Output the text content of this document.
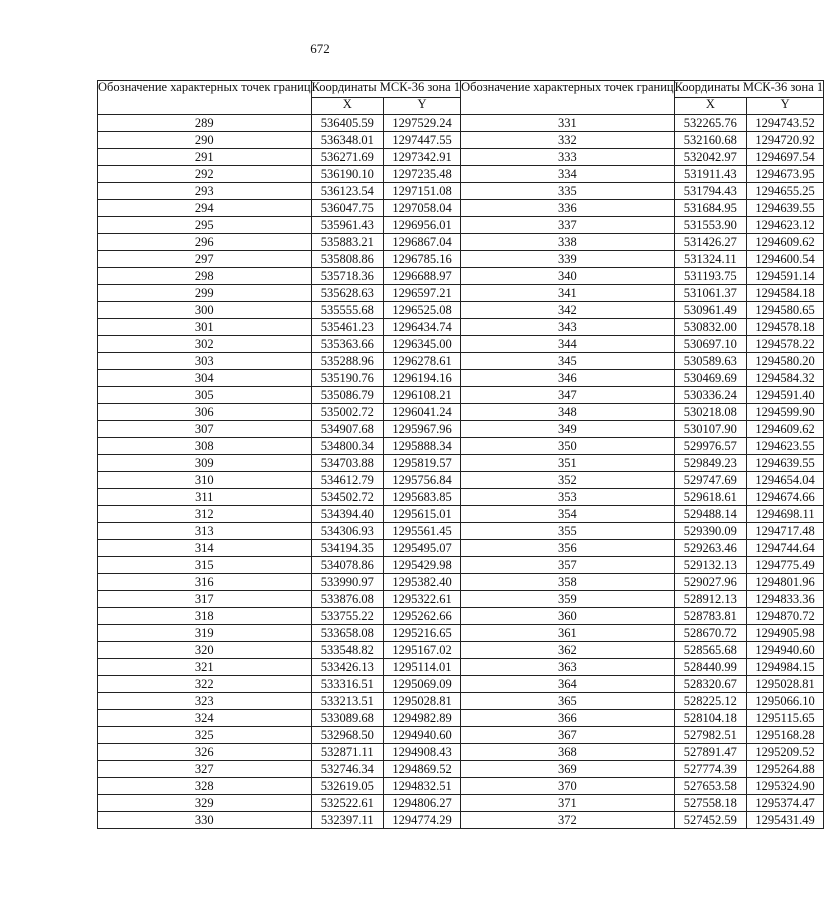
672
Обозначение характерных точек границ	Координаты МСК-36 зона 1	
	X	Y
289	536405.59	1297529.24
290	536348.01	1297447.55
291	536271.69	1297342.91
292	536190.10	1297235.48
293	536123.54	1297151.08
294	536047.75	1297058.04
295	535961.43	1296956.01
296	535883.21	1296867.04
297	535808.86	1296785.16
298	535718.36	1296688.97
299	535628.63	1296597.21
300	535555.68	1296525.08
301	535461.23	1296434.74
302	535363.66	1296345.00
303	535288.96	1296278.61
304	535190.76	1296194.16
305	535086.79	1296108.21
306	535002.72	1296041.24
307	534907.68	1295967.96
308	534800.34	1295888.34
309	534703.88	1295819.57
310	534612.79	1295756.84
311	534502.72	1295683.85
312	534394.40	1295615.01
313	534306.93	1295561.45
314	534194.35	1295495.07
315	534078.86	1295429.98
316	533990.97	1295382.40
317	533876.08	1295322.61
318	533755.22	1295262.66
319	533658.08	1295216.65
320	533548.82	1295167.02
321	533426.13	1295114.01
322	533316.51	1295069.09
323	533213.51	1295028.81
324	533089.68	1294982.89
325	532968.50	1294940.60
326	532871.11	1294908.43
327	532746.34	1294869.52
328	532619.05	1294832.51
329	532522.61	1294806.27
330	532397.11	1294774.29
Обозначение характерных точек границ	Координаты МСК-36 зона 1	
	X	Y
331	532265.76	1294743.52
332	532160.68	1294720.92
333	532042.97	1294697.54
334	531911.43	1294673.95
335	531794.43	1294655.25
336	531684.95	1294639.55
337	531553.90	1294623.12
338	531426.27	1294609.62
339	531324.11	1294600.54
340	531193.75	1294591.14
341	531061.37	1294584.18
342	530961.49	1294580.65
343	530832.00	1294578.18
344	530697.10	1294578.22
345	530589.63	1294580.20
346	530469.69	1294584.32
347	530336.24	1294591.40
348	530218.08	1294599.90
349	530107.90	1294609.62
350	529976.57	1294623.55
351	529849.23	1294639.55
352	529747.69	1294654.04
353	529618.61	1294674.66
354	529488.14	1294698.11
355	529390.09	1294717.48
356	529263.46	1294744.64
357	529132.13	1294775.49
358	529027.96	1294801.96
359	528912.13	1294833.36
360	528783.81	1294870.72
361	528670.72	1294905.98
362	528565.68	1294940.60
363	528440.99	1294984.15
364	528320.67	1295028.81
365	528225.12	1295066.10
366	528104.18	1295115.65
367	527982.51	1295168.28
368	527891.47	1295209.52
369	527774.39	1295264.88
370	527653.58	1295324.90
371	527558.18	1295374.47
372	527452.59	1295431.49
